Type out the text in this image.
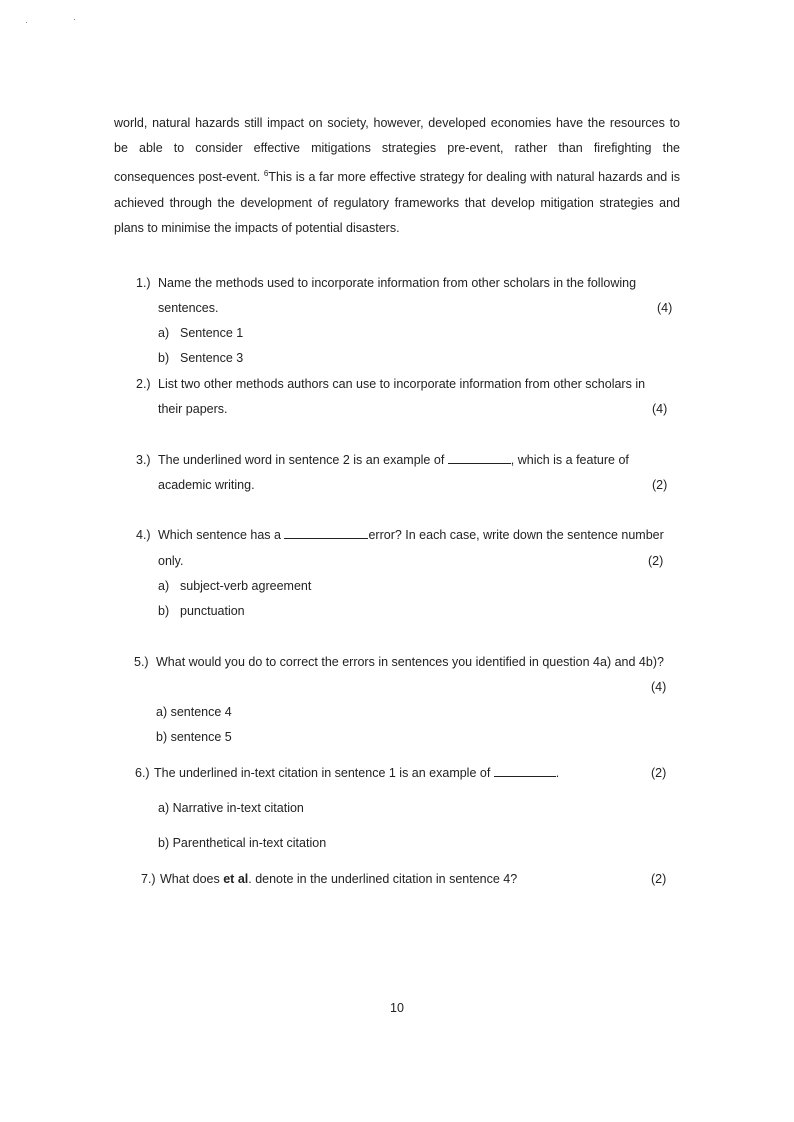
world, natural hazards still impact on society, however, developed economies have the resources to be able to consider effective mitigations strategies pre-event, rather than firefighting the consequences post-event. $^6$This is a far more effective strategy for dealing with natural hazards and is achieved through the development of regulatory frameworks that develop mitigation strategies and plans to minimise the impacts of potential disasters.

1.) Name the methods used to incorporate information from other scholars in the following
sentences.	(4)
a) Sentence 1
b) Sentence 3
2.) List two other methods authors can use to incorporate information from other scholars in
their papers.	(4)
3.) The underlined word in sentence 2 is an example of	, which is a feature of
academic writing.	(2)
4.) Which sentence has a	error? In each case, write down the sentence number
only.	(2)
a) subject-verb agreement
b) punctuation
5.) What would you do to correct the errors in sentences you identified in question 4a) and 4b)?
(4)
a) sentence 4
b) sentence 5
6.) The underlined in-text citation in sentence 1 is an example of	.	(2)
a) Narrative in-text citation
b) Parenthetical in-text citation
7.) What does et al. denote in the underlined citation in sentence 4?	(2)
10
